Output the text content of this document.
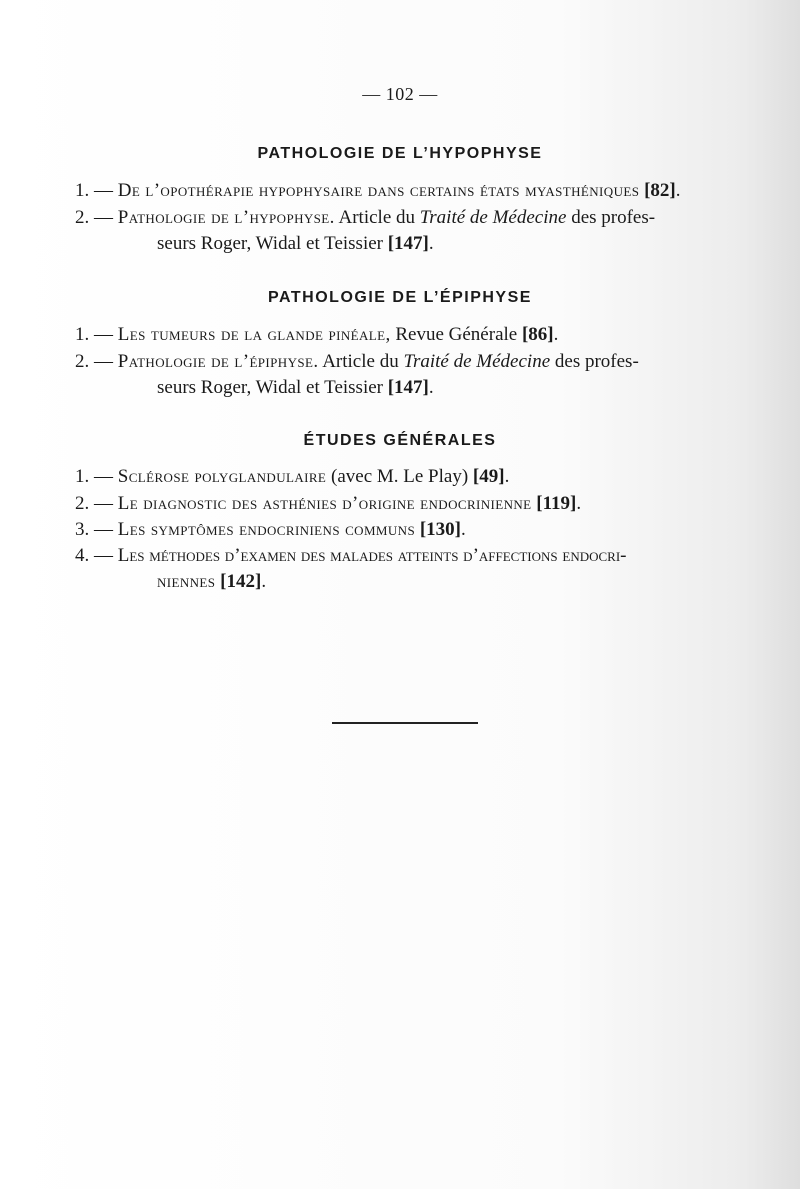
— 102 —
PATHOLOGIE DE L’HYPOPHYSE
1. — De l’opothérapie hypophysaire dans certains états myasthéniques [82].
2. — Pathologie de l’hypophyse. Article du Traité de Médecine des profes-
seurs Roger, Widal et Teissier [147].
PATHOLOGIE DE L’ÉPIPHYSE
1. — Les tumeurs de la glande pinéale, Revue Générale [86].
2. — Pathologie de l’épiphyse. Article du Traité de Médecine des profes-
seurs Roger, Widal et Teissier [147].
ÉTUDES GÉNÉRALES
1. — Sclérose polyglandulaire (avec M. Le Play) [49].
2. — Le diagnostic des asthénies d’origine endocrinienne [119].
3. — Les symptômes endocriniens communs [130].
4. — Les méthodes d’examen des malades atteints d’affections endocri-
niennes [142].
